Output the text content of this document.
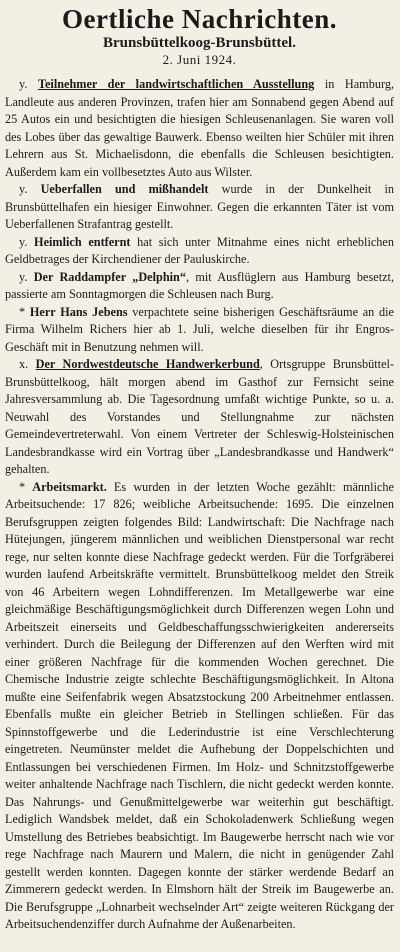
Oertliche Nachrichten.
Brunsbüttelkoog-Brunsbüttel.
2. Juni 1924.

y. Teilnehmer der landwirtschaftlichen Ausstellung in Hamburg, Landleute aus anderen Provinzen, trafen hier am Sonnabend gegen Abend auf 25 Autos ein und besichtigten die hiesigen Schleusenanlagen. Sie waren voll des Lobes über das gewaltige Bauwerk. Ebenso weilten hier Schüler mit ihren Lehrern aus St. Michaelisdonn, die ebenfalls die Schleusen besichtigten. Außerdem kam ein vollbesetztes Auto aus Wilster.

y. Ueberfallen und mißhandelt wurde in der Dunkelheit in Brunsbüttelhafen ein hiesiger Einwohner. Gegen die erkannten Täter ist vom Ueberfallenen Strafantrag gestellt.

y. Heimlich entfernt hat sich unter Mitnahme eines nicht erheblichen Geldbetrages der Kirchendiener der Pauluskirche.

y. Der Raddampfer „Delphin“, mit Ausflüglern aus Hamburg besetzt, passierte am Sonntagmorgen die Schleusen nach Burg.

* Herr Hans Jebens verpachtete seine bisherigen Geschäftsräume an die Firma Wilhelm Richers hier ab 1. Juli, welche dieselben für ihr Engros-Geschäft mit in Benutzung nehmen will.

x. Der Nordwestdeutsche Handwerkerbund, Ortsgruppe Brunsbüttel-Brunsbüttelkoog, hält morgen abend im Gasthof zur Fernsicht seine Jahresversammlung ab. Die Tagesordnung umfaßt wichtige Punkte, so u. a. Neuwahl des Vorstandes und Stellungnahme zur nächsten Gemeindevertreterwahl. Von einem Vertreter der Schleswig-Holsteinischen Landesbrandkasse wird ein Vortrag über „Landesbrandkasse und Handwerk“ gehalten.

* Arbeitsmarkt. Es wurden in der letzten Woche gezählt: männliche Arbeitsuchende: 17 826; weibliche Arbeitsuchende: 1695. Die einzelnen Berufsgruppen zeigten folgendes Bild: Landwirtschaft: Die Nachfrage nach Hütejungen, jüngerem männlichen und weiblichen Dienstpersonal war recht rege, nur selten konnte diese Nachfrage gedeckt werden. Für die Torfgräberei wurden laufend Arbeitskräfte vermittelt. Brunsbüttelkoog meldet den Streik von 46 Arbeitern wegen Lohndifferenzen. Im Metallgewerbe war eine gleichmäßige Beschäftigungsmöglichkeit durch Differenzen wegen Lohn und Arbeitszeit einerseits und Geldbeschaffungsschwierigkeiten andererseits verhindert. Durch die Beilegung der Differenzen auf den Werften wird mit einer größeren Nachfrage für die kommenden Wochen gerechnet. Die Chemische Industrie zeigte schlechte Beschäftigungsmöglichkeit. In Altona mußte eine Seifenfabrik wegen Absatzstockung 200 Arbeitnehmer entlassen. Ebenfalls mußte ein gleicher Betrieb in Stellingen schließen. Für das Spinnstoffgewerbe und die Lederindustrie ist eine Verschlechterung eingetreten. Neumünster meldet die Aufhebung der Doppelschichten und Entlassungen bei verschiedenen Firmen. Im Holz- und Schnitzstoffgewerbe weiter anhaltende Nachfrage nach Tischlern, die nicht gedeckt werden konnte. Das Nahrungs- und Genußmittelgewerbe war weiterhin gut beschäftigt. Lediglich Wandsbek meldet, daß ein Schokoladenwerk Schließung wegen Umstellung des Betriebes beabsichtigt. Im Baugewerbe herrscht nach wie vor rege Nachfrage nach Maurern und Malern, die nicht in genügender Zahl gestellt werden konnten. Dagegen konnte der stärker werdende Bedarf an Zimmerern gedeckt werden. In Elmshorn hält der Streik im Baugewerbe an. Die Berufsgruppe „Lohnarbeit wechselnder Art“ zeigte weiteren Rückgang der Arbeitsuchendenziffer durch Aufnahme der Außenarbeiten.
